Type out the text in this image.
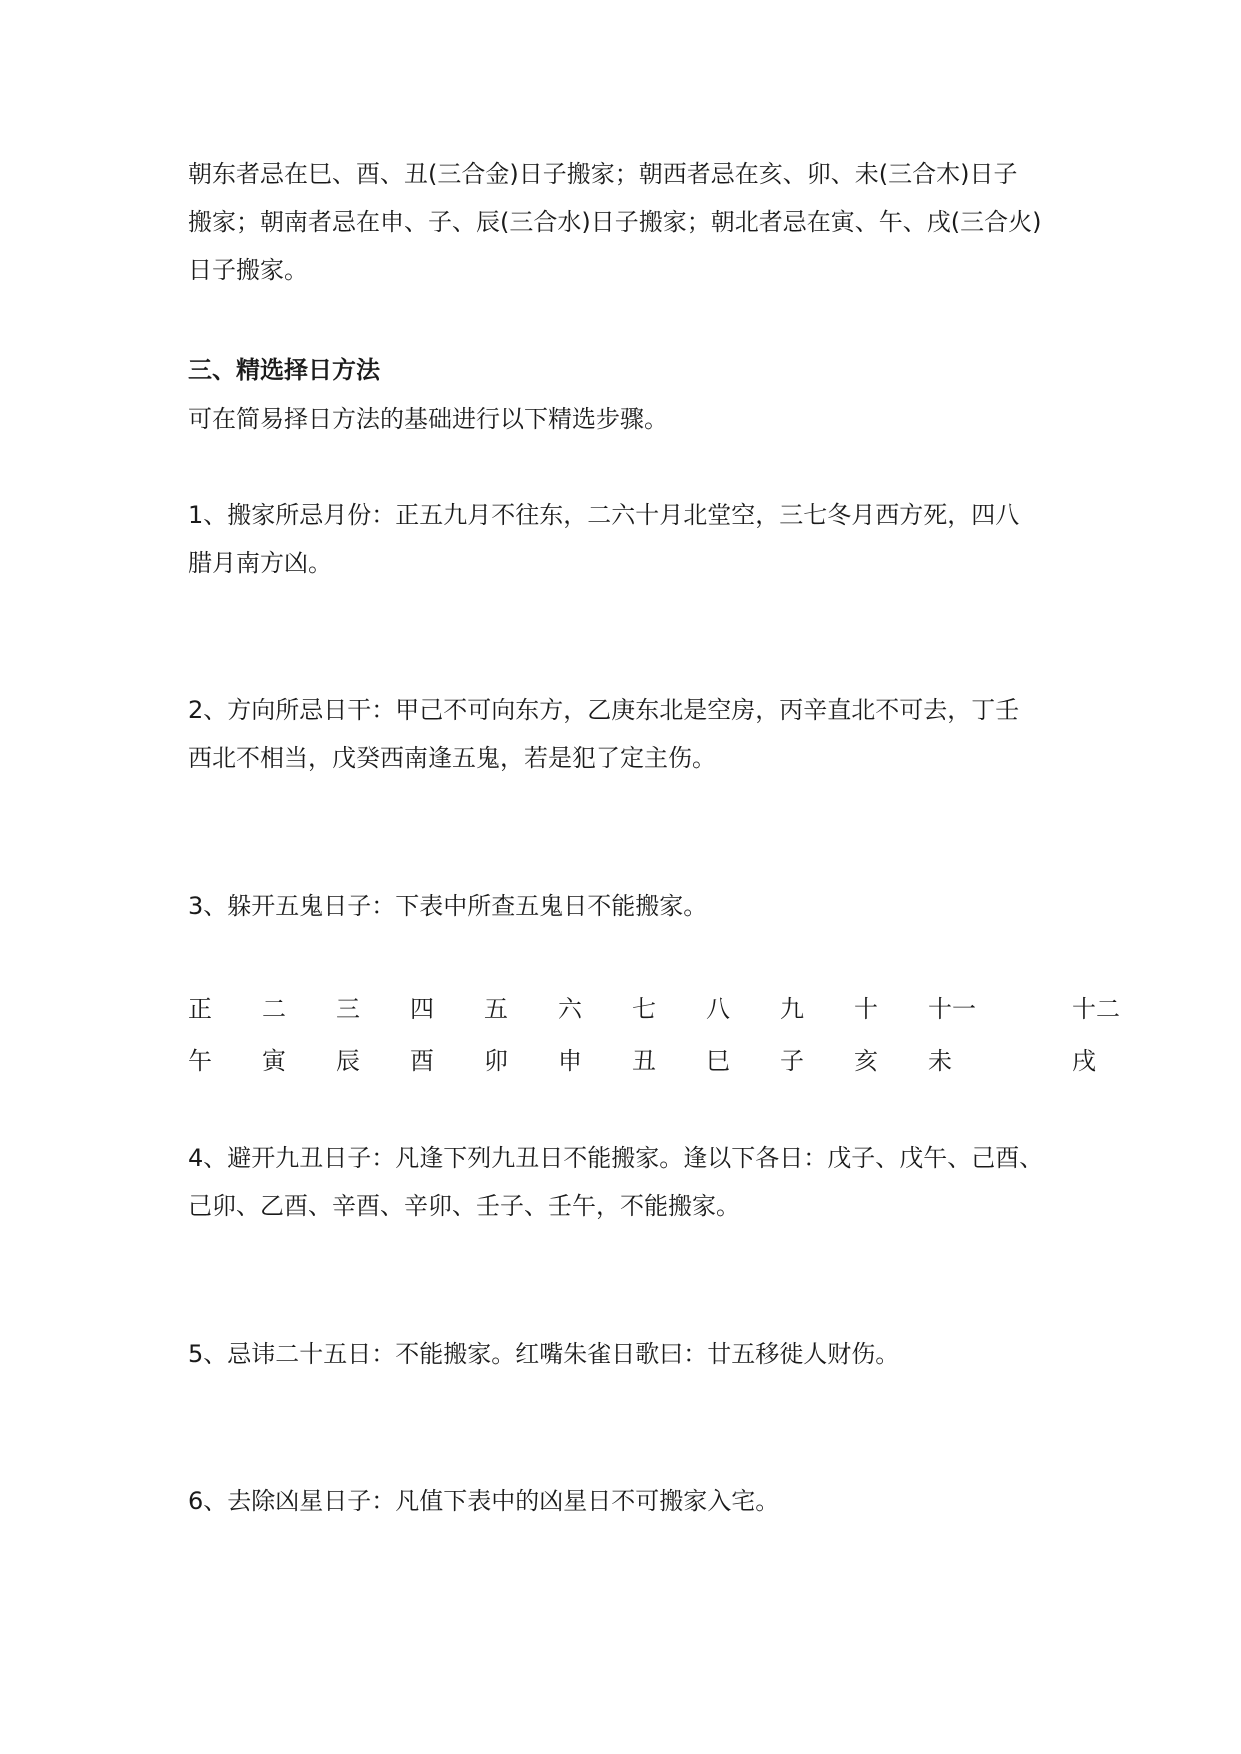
朝东者忌在巳、酉、丑(三合金)日子搬家；朝西者忌在亥、卯、未(三合木)日子
搬家；朝南者忌在申、子、辰(三合水)日子搬家；朝北者忌在寅、午、戌(三合火)
日子搬家。

三、精选择日方法

可在简易择日方法的基础进行以下精选步骤。

1、搬家所忌月份：正五九月不往东，二六十月北堂空，三七冬月西方死，四八
腊月南方凶。

2、方向所忌日干：甲己不可向东方，乙庚东北是空房，丙辛直北不可去，丁壬
西北不相当，戊癸西南逢五鬼，若是犯了定主伤。

3、躲开五鬼日子：下表中所查五鬼日不能搬家。

正 二 三 四 五 六 七 八 九 十 十一	十二
午 寅 辰 酉 卯 申 丑 巳 子 亥 未	戌

4、避开九丑日子：凡逢下列九丑日不能搬家。逢以下各日：戊子、戊午、己酉、
己卯、乙酉、辛酉、辛卯、壬子、壬午，不能搬家。

5、忌讳二十五日：不能搬家。红嘴朱雀日歌曰：廿五移徙人财伤。

6、去除凶星日子：凡值下表中的凶星日不可搬家入宅。
